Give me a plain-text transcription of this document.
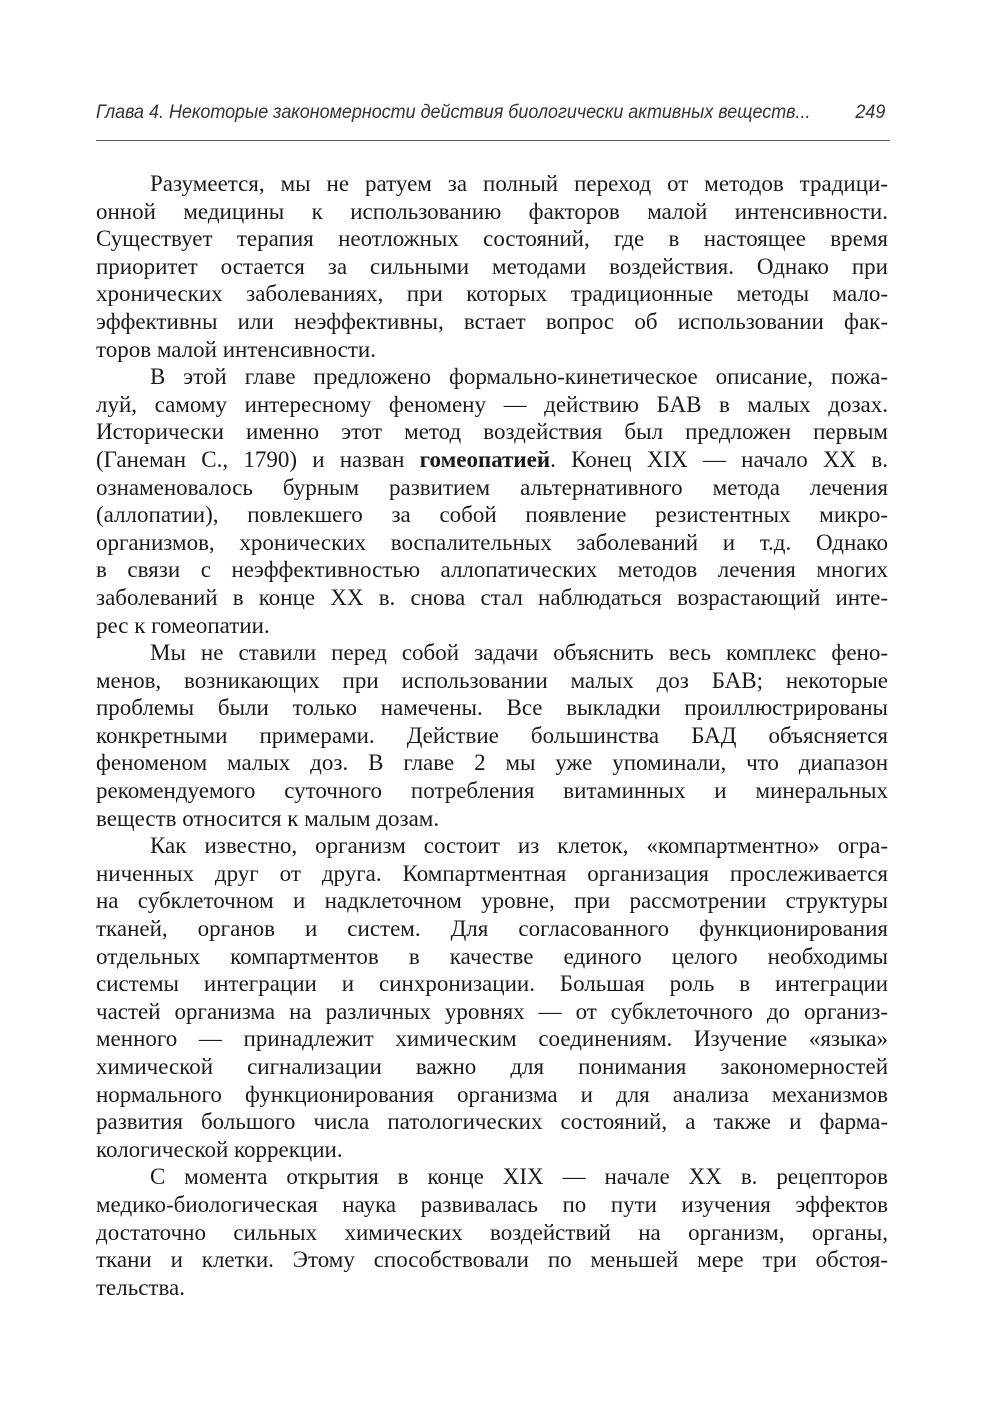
Глава 4. Некоторые закономерности действия биологически активных веществ... 249
Разумеется, мы не ратуем за полный переход от методов традици-
онной медицины к использованию факторов малой интенсивности.
Существует терапия неотложных состояний, где в настоящее время
приоритет остается за сильными методами воздействия. Однако при
хронических заболеваниях, при которых традиционные методы мало-
эффективны или неэффективны, встает вопрос об использовании фак-
торов малой интенсивности.
В этой главе предложено формально-кинетическое описание, пожа-
луй, самому интересному феномену — действию БАВ в малых дозах.
Исторически именно этот метод воздействия был предложен первым
(Ганеман С., 1790) и назван гомеопатией. Конец XIX — начало XX в.
ознаменовалось бурным развитием альтернативного метода лечения
(аллопатии), повлекшего за собой появление резистентных микро-
организмов, хронических воспалительных заболеваний и т.д. Однако
в связи с неэффективностью аллопатических методов лечения многих
заболеваний в конце XX в. снова стал наблюдаться возрастающий инте-
рес к гомеопатии.
Мы не ставили перед собой задачи объяснить весь комплекс фено-
менов, возникающих при использовании малых доз БАВ; некоторые
проблемы были только намечены. Все выкладки проиллюстрированы
конкретными примерами. Действие большинства БАД объясняется
феноменом малых доз. В главе 2 мы уже упоминали, что диапазон
рекомендуемого суточного потребления витаминных и минеральных
веществ относится к малым дозам.
Как известно, организм состоит из клеток, «компартментно» огра-
ниченных друг от друга. Компартментная организация прослеживается
на субклеточном и надклеточном уровне, при рассмотрении структуры
тканей, органов и систем. Для согласованного функционирования
отдельных компартментов в качестве единого целого необходимы
системы интеграции и синхронизации. Большая роль в интеграции
частей организма на различных уровнях — от субклеточного до организ-
менного — принадлежит химическим соединениям. Изучение «языка»
химической сигнализации важно для понимания закономерностей
нормального функционирования организма и для анализа механизмов
развития большого числа патологических состояний, а также и фарма-
кологической коррекции.
С момента открытия в конце XIX — начале XX в. рецепторов
медико-биологическая наука развивалась по пути изучения эффектов
достаточно сильных химических воздействий на организм, органы,
ткани и клетки. Этому способствовали по меньшей мере три обстоя-
тельства.
